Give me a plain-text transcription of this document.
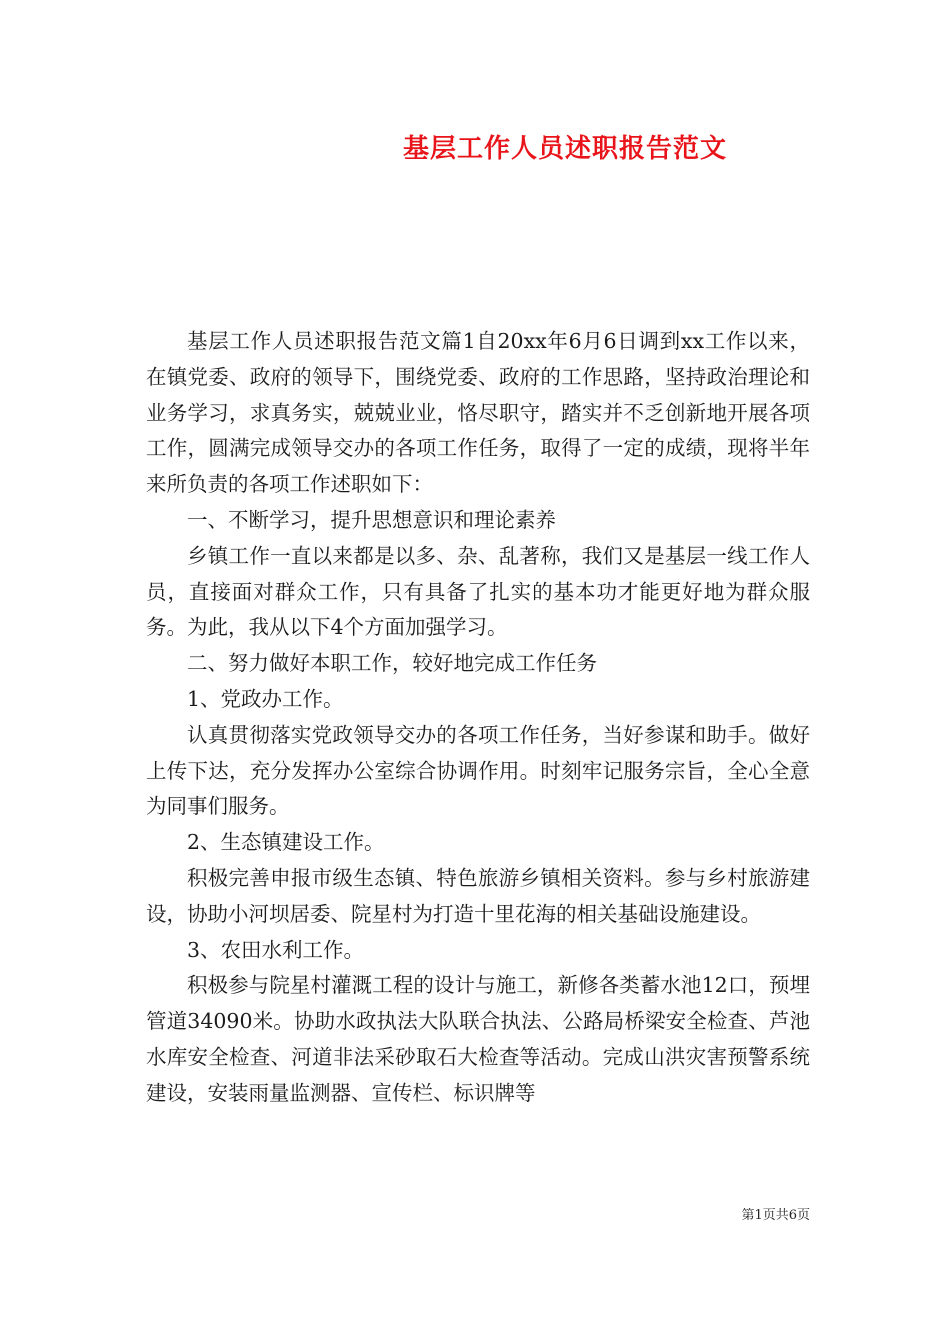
基层工作人员述职报告范文

基层工作人员述职报告范文篇1自20xx年6月6日调到xx工作以来，在镇党委、政府的领导下，围绕党委、政府的工作思路，坚持政治理论和业务学习，求真务实，兢兢业业，恪尽职守，踏实并不乏创新地开展各项工作，圆满完成领导交办的各项工作任务，取得了一定的成绩，现将半年来所负责的各项工作述职如下：

一、不断学习，提升思想意识和理论素养

乡镇工作一直以来都是以多、杂、乱著称，我们又是基层一线工作人员，直接面对群众工作，只有具备了扎实的基本功才能更好地为群众服务。为此，我从以下4个方面加强学习。

二、努力做好本职工作，较好地完成工作任务

1、党政办工作。

认真贯彻落实党政领导交办的各项工作任务，当好参谋和助手。做好上传下达，充分发挥办公室综合协调作用。时刻牢记服务宗旨，全心全意为同事们服务。

2、生态镇建设工作。

积极完善申报市级生态镇、特色旅游乡镇相关资料。参与乡村旅游建设，协助小河坝居委、院星村为打造十里花海的相关基础设施建设。

3、农田水利工作。

积极参与院星村灌溉工程的设计与施工，新修各类蓄水池12口，预埋管道34090米。协助水政执法大队联合执法、公路局桥梁安全检查、芦池水库安全检查、河道非法采砂取石大检查等活动。完成山洪灾害预警系统建设，安装雨量监测器、宣传栏、标识牌等

第1页共6页
